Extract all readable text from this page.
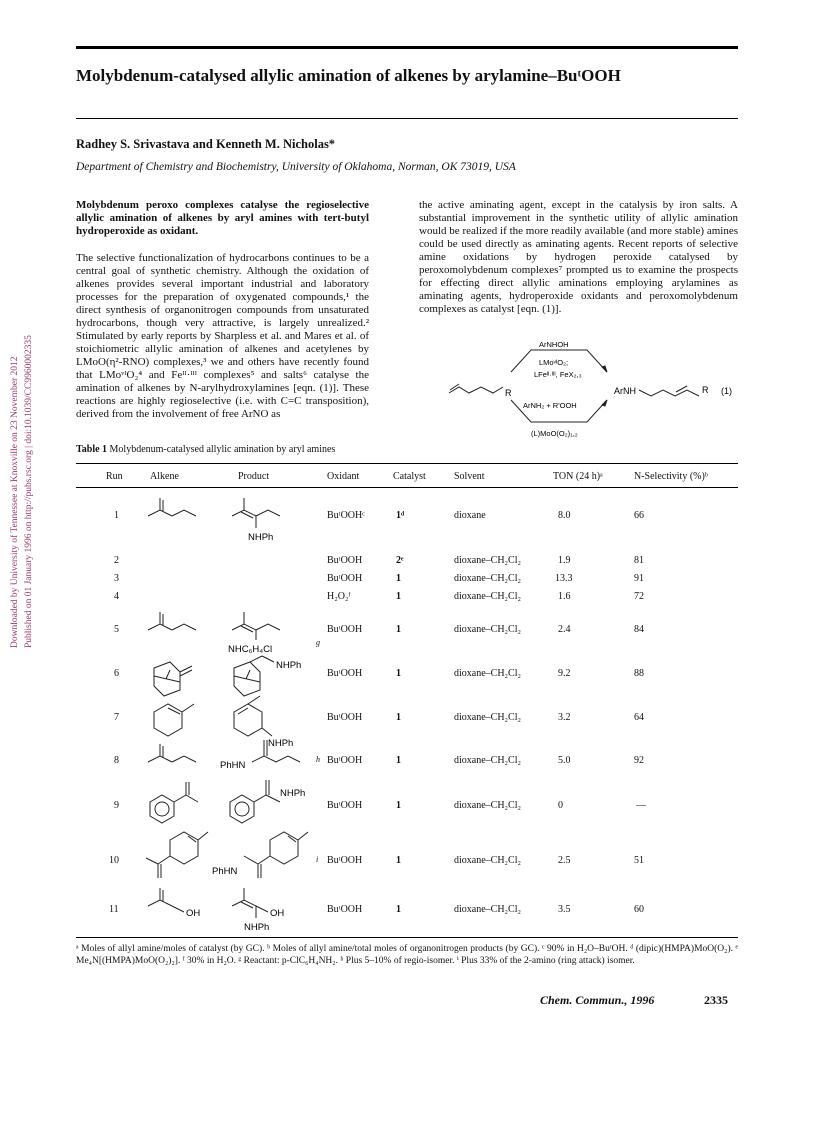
Molybdenum-catalysed allylic amination of alkenes by arylamine–BuᵗOOH
Radhey S. Srivastava and Kenneth M. Nicholas*
Department of Chemistry and Biochemistry, University of Oklahoma, Norman, OK 73019, USA
Downloaded by University of Tennessee at Knoxville on 23 November 2012 Published on 01 January 1996 on http://pubs.rsc.org | doi:10.1039/CC9960002335

Molybdenum peroxo complexes catalyse the regioselective allylic amination of alkenes by aryl amines with tert-butyl hydroperoxide as oxidant.

The selective functionalization of hydrocarbons continues to be a central goal of synthetic chemistry. Although the oxidation of alkenes provides several important industrial and laboratory processes for the preparation of oxygenated compounds,¹ the direct synthesis of organonitrogen compounds from unsaturated hydrocarbons, though very attractive, is largely unrealized.² Stimulated by early reports by Sharpless et al. and Mares et al. of stoichiometric allylic amination of alkenes and acetylenes by LMoO(η²-RNO) complexes,³ we and others have recently found that LMoᵛᴵO₂⁴ and Feᴵᴵ·ᴵᴵᴵ complexes⁵ and salts⁶ catalyse the amination of alkenes by N-arylhydroxylamines [eqn. (1)]. These reactions are highly regioselective (i.e. with C=C transposition), derived from the involvement of free ArNO as

the active aminating agent, except in the catalysis by iron salts. A substantial improvement in the synthetic utility of allylic amination would be realized if the more readily available (and more stable) amines could be used directly as aminating agents. Recent reports of selective amine oxidations by hydrogen peroxide catalysed by peroxomolybdenum complexes⁷ prompted us to examine the prospects for effecting direct allylic aminations employing arylamines as aminating agents, hydroperoxide oxidants and peroxomolybdenum complexes as catalyst [eqn. (1)].

R
ArNHOH
LMoᵛᴵO₂;
LFeᴵᴵ·ᴵᴵᴵ, FeX₂,₃
ArNH₂ + R'OOH
(L)MoO(O₂)₁,₂
ArNH	R (1)
Table 1 Molybdenum-catalysed allylic amination by aryl amines
Run	Alkene	Product	Oxidant	Catalyst	Solvent	TON (24 h)ᵃ	N-Selectivity (%)ᵇ
1	BuᵗOOHᶜ	1ᵈ	dioxane	8.0	66
2	BuᵗOOH	2ᵉ	dioxane–CH₂Cl₂	1.9	81
3	BuᵗOOH	1	dioxane–CH₂Cl₂	13.3	91
4	H₂O₂ᶠ	1	dioxane–CH₂Cl₂	1.6	72
5	BuᵗOOH	1	dioxane–CH₂Cl₂	2.4	84
g
6	BuᵗOOH	1	dioxane–CH₂Cl₂	9.2	88
7	BuᵗOOH	1	dioxane–CH₂Cl₂	3.2	64
8	h BuᵗOOH	1	dioxane–CH₂Cl₂	5.0	92
9	BuᵗOOH	1	dioxane–CH₂Cl₂	0	—
10	i BuᵗOOH	1	dioxane–CH₂Cl₂	2.5	51
11	BuᵗOOH	1	dioxane–CH₂Cl₂	3.5	60
NHPh
NHC₆H₄Cl
NHPh
NHPh
PhHN
NHPh
PhHN
OH	OH
NHPh
ᵃ Moles of allyl amine/moles of catalyst (by GC). ᵇ Moles of allyl amine/total moles of organonitrogen products (by GC). ᶜ 90% in H₂O–BuᵗOH. ᵈ (dipic)(HMPA)MoO(O₂). ᵉ Me₄N[(HMPA)MoO(O₂)₂]. ᶠ 30% in H₂O. ᵍ Reactant: p-ClC₆H₄NH₂. ʰ Plus 5–10% of regio-isomer. ⁱ Plus 33% of the 2-amino (ring attack) isomer.
Chem. Commun., 1996	2335
